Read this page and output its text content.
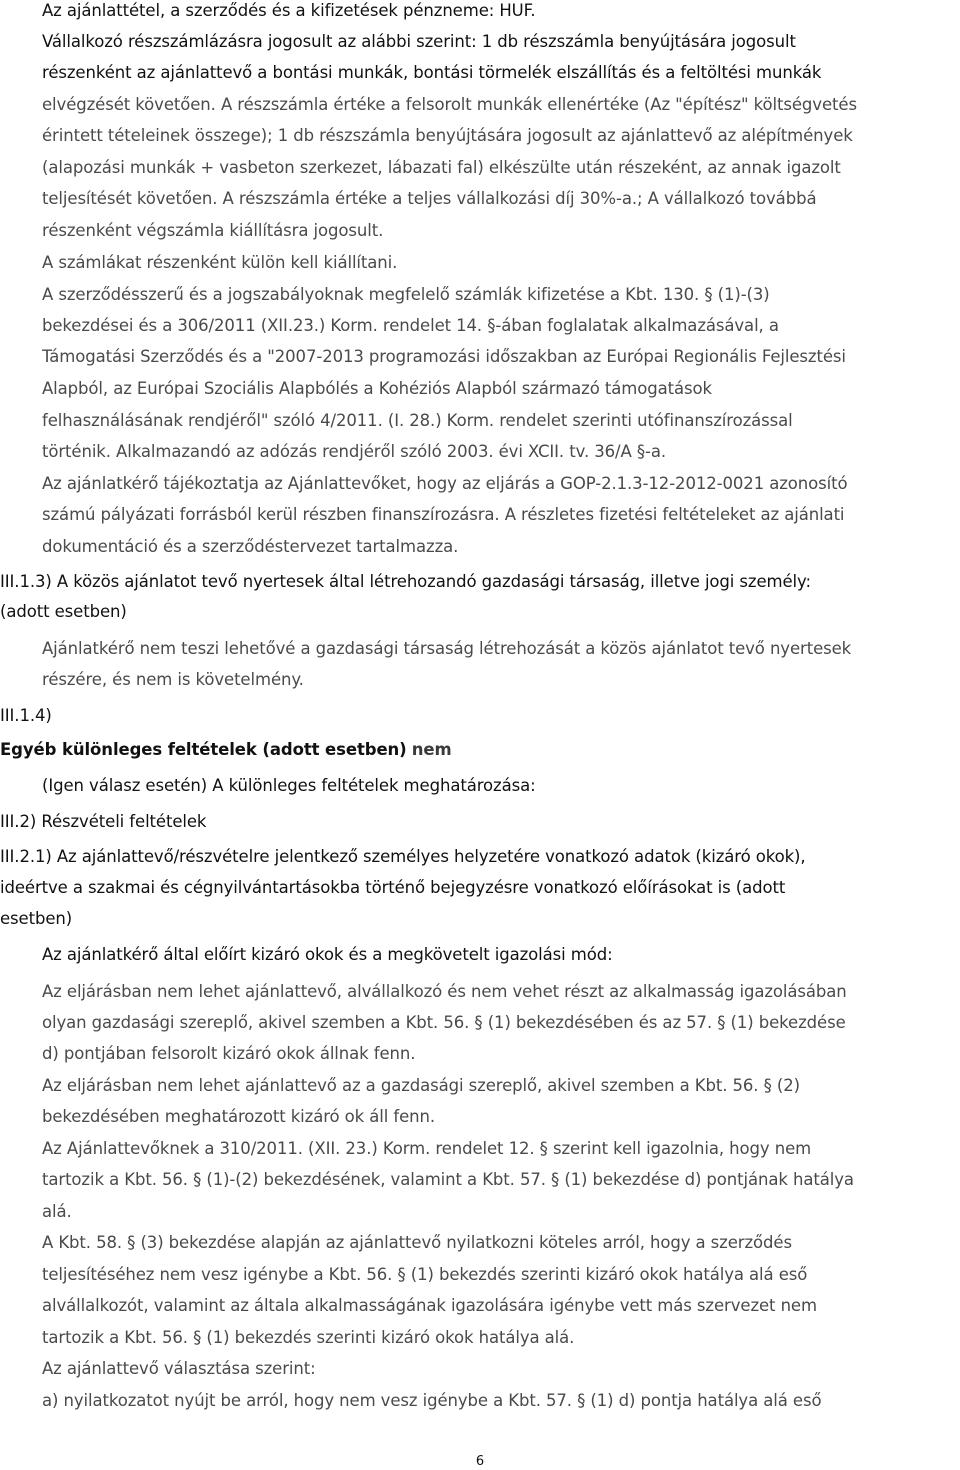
Az ajánlattétel, a szerződés és a kifizetések pénzneme: HUF.
Vállalkozó részszámlázásra jogosult az alábbi szerint: 1 db részszámla benyújtására jogosult
részenként az ajánlattevő a bontási munkák, bontási törmelék elszállítás és a feltöltési munkák
elvégzését követően. A részszámla értéke a felsorolt munkák ellenértéke (Az "építész" költségvetés
érintett tételeinek összege); 1 db részszámla benyújtására jogosult az ajánlattevő az alépítmények
(alapozási munkák + vasbeton szerkezet, lábazati fal) elkészülte után részeként, az annak igazolt
teljesítését követően. A részszámla értéke a teljes vállalkozási díj 30%-a.; A vállalkozó továbbá
részenként végszámla kiállításra jogosult.
A számlákat részenként külön kell kiállítani.
A szerződésszerű és a jogszabályoknak megfelelő számlák kifizetése a Kbt. 130. § (1)-(3)
bekezdései és a 306/2011 (XII.23.) Korm. rendelet 14. §-ában foglalatak alkalmazásával, a
Támogatási Szerződés és a "2007-2013 programozási időszakban az Európai Regionális Fejlesztési
Alapból, az Európai Szociális Alapbólés a Kohéziós Alapból származó támogatások
felhasználásának rendjéről" szóló 4/2011. (I. 28.) Korm. rendelet szerinti utófinanszírozással
történik. Alkalmazandó az adózás rendjéről szóló 2003. évi XCII. tv. 36/A §-a.
Az ajánlatkérő tájékoztatja az Ajánlattevőket, hogy az eljárás a GOP-2.1.3-12-2012-0021 azonosító
számú pályázati forrásból kerül részben finanszírozásra. A részletes fizetési feltételeket az ajánlati
dokumentáció és a szerződéstervezet tartalmazza.
III.1.3) A közös ajánlatot tevő nyertesek által létrehozandó gazdasági társaság, illetve jogi személy:
(adott esetben)
Ajánlatkérő nem teszi lehetővé a gazdasági társaság létrehozását a közös ajánlatot tevő nyertesek
részére, és nem is követelmény.
III.1.4)
Egyéb különleges feltételek (adott esetben) nem
(Igen válasz esetén) A különleges feltételek meghatározása:
III.2) Részvételi feltételek
III.2.1) Az ajánlattevő/részvételre jelentkező személyes helyzetére vonatkozó adatok (kizáró okok),
ideértve a szakmai és cégnyilvántartásokba történő bejegyzésre vonatkozó előírásokat is (adott
esetben)
Az ajánlatkérő által előírt kizáró okok és a megkövetelt igazolási mód:
Az eljárásban nem lehet ajánlattevő, alvállalkozó és nem vehet részt az alkalmasság igazolásában
olyan gazdasági szereplő, akivel szemben a Kbt. 56. § (1) bekezdésében és az 57. § (1) bekezdése
d) pontjában felsorolt kizáró okok állnak fenn.
Az eljárásban nem lehet ajánlattevő az a gazdasági szereplő, akivel szemben a Kbt. 56. § (2)
bekezdésében meghatározott kizáró ok áll fenn.
Az Ajánlattevőknek a 310/2011. (XII. 23.) Korm. rendelet 12. § szerint kell igazolnia, hogy nem
tartozik a Kbt. 56. § (1)-(2) bekezdésének, valamint a Kbt. 57. § (1) bekezdése d) pontjának hatálya
alá.
A Kbt. 58. § (3) bekezdése alapján az ajánlattevő nyilatkozni köteles arról, hogy a szerződés
teljesítéséhez nem vesz igénybe a Kbt. 56. § (1) bekezdés szerinti kizáró okok hatálya alá eső
alvállalkozót, valamint az általa alkalmasságának igazolására igénybe vett más szervezet nem
tartozik a Kbt. 56. § (1) bekezdés szerinti kizáró okok hatálya alá.
Az ajánlattevő választása szerint:
a) nyilatkozatot nyújt be arról, hogy nem vesz igénybe a Kbt. 57. § (1) d) pontja hatálya alá eső
6
